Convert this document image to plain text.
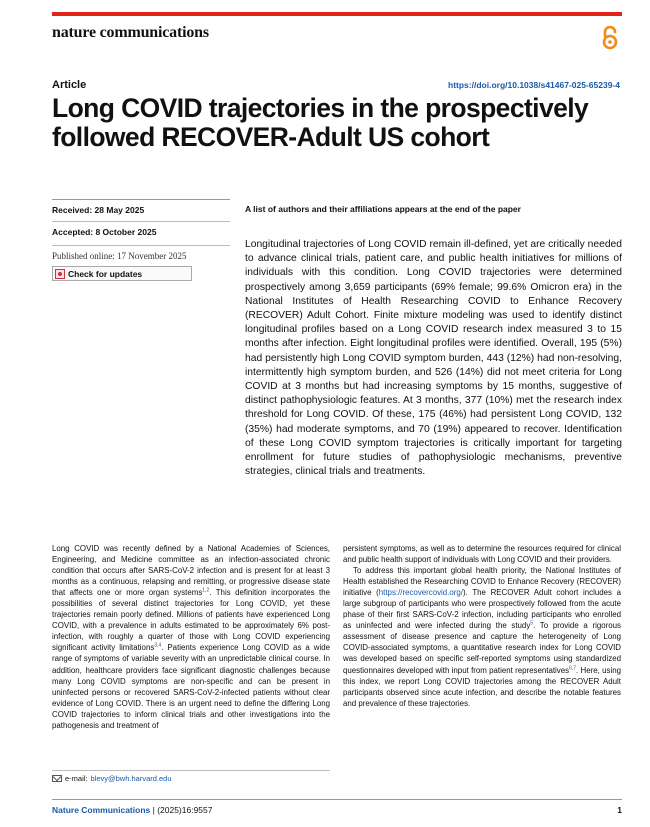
nature communications
Article	https://doi.org/10.1038/s41467-025-65239-4
Long COVID trajectories in the prospectively followed RECOVER-Adult US cohort
Received: 28 May 2025
Accepted: 8 October 2025
Published online: 17 November 2025
Check for updates
A list of authors and their affiliations appears at the end of the paper

Longitudinal trajectories of Long COVID remain ill-defined, yet are critically needed to advance clinical trials, patient care, and public health initiatives for millions of individuals with this condition. Long COVID trajectories were determined prospectively among 3,659 participants (69% female; 99.6% Omicron era) in the National Institutes of Health Researching COVID to Enhance Recovery (RECOVER) Adult Cohort. Finite mixture modeling was used to identify distinct longitudinal profiles based on a Long COVID research index measured 3 to 15 months after infection. Eight longitudinal profiles were identified. Overall, 195 (5%) had persistently high Long COVID symptom burden, 443 (12%) had non-resolving, intermittently high symptom burden, and 526 (14%) did not meet criteria for Long COVID at 3 months but had increasing symptoms by 15 months, suggestive of distinct pathophysiologic features. At 3 months, 377 (10%) met the research index threshold for Long COVID. Of these, 175 (46%) had persistent Long COVID, 132 (35%) had moderate symptoms, and 70 (19%) appeared to recover. Identification of these Long COVID symptom trajectories is critically important for targeting enrollment for future studies of pathophysiologic mechanisms, preventive strategies, clinical trials and treatments.

Long COVID was recently defined by a National Academies of Sciences, Engineering, and Medicine committee as an infection-associated chronic condition that occurs after SARS-CoV-2 infection and is present for at least 3 months as a continuous, relapsing and remitting, or progressive disease state that affects one or more organ systems$^{1,2}$. This definition incorporates the possibilities of several distinct trajectories for Long COVID, yet these trajectories remain poorly defined. Millions of patients have experienced Long COVID, with a prevalence in adults estimated to be approximately 6% post-infection, with roughly a quarter of those with Long COVID experiencing significant activity limitations$^{3,4}$. Patients experience Long COVID as a wide range of symptoms of variable severity with an unpredictable clinical course. In addition, healthcare providers face significant diagnostic challenges because many Long COVID symptoms are non-specific and can be present in uninfected persons or recovered SARS-CoV-2-infected patients without clear evidence of Long COVID. There is an urgent need to define the differing Long COVID trajectories to inform clinical trials and other investigations into the pathogenesis and treatment of

persistent symptoms, as well as to determine the resources required for clinical and public health support of individuals with Long COVID and their providers.

To address this important global health priority, the National Institutes of Health established the Researching COVID to Enhance Recovery (RECOVER) initiative (https://recovercovid.org/). The RECOVER Adult cohort includes a large subgroup of participants who were prospectively followed from the acute phase of their first SARS-CoV-2 infection, including participants who enrolled as uninfected and were infected during the study$^5$. To provide a rigorous assessment of disease presence and capture the heterogeneity of Long COVID-associated symptoms, a quantitative research index for Long COVID was developed based on specific self-reported symptoms using standardized questionnaires developed with input from patient representatives$^{6,7}$. Here, using this index, we report Long COVID trajectories among the RECOVER Adult participants observed since acute infection, and describe the notable features and prevalence of these trajectories.

e-mail: blevy@bwh.harvard.edu
Nature Communications | (2025)16:9557	1
